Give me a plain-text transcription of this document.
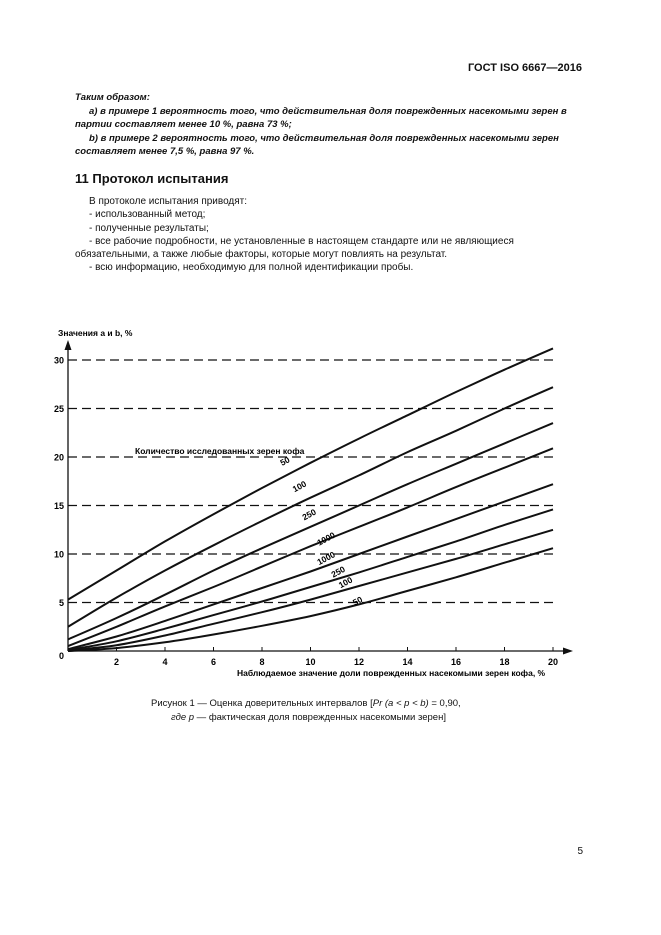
ГОСТ ISO 6667—2016

Таким образом:

a) в примере 1 вероятность того, что действительная доля поврежденных насекомыми зерен в партии составляет менее 10 %, равна 73 %;

b) в примере 2 вероятность того, что действительная доля поврежденных насекомыми зерен составляет менее 7,5 %, равна 97 %.

11 Протокол испытания

В протоколе испытания приводят:

- использованный метод;

- полученные результаты;

- все рабочие подробности, не установленные в настоящем стандарте или не являющиеся обязательными, а также любые факторы, которые могут повлиять на результат.

- всю информацию, необходимую для полной идентификации пробы.

5
10
15
20
25
30
2	4	6	8	10	12	14	16	18	20
50
100
250
1000
1000
250
100
50
Значения a и b, %
Наблюдаемое значение доли поврежденных насекомыми зерен кофа, %
Количество исследованных зерен кофа
0
Рисунок 1 — Оценка доверительных интервалов [Pr (a < p < b) = 0,90,
где p — фактическая доля поврежденных насекомыми зерен]
5
